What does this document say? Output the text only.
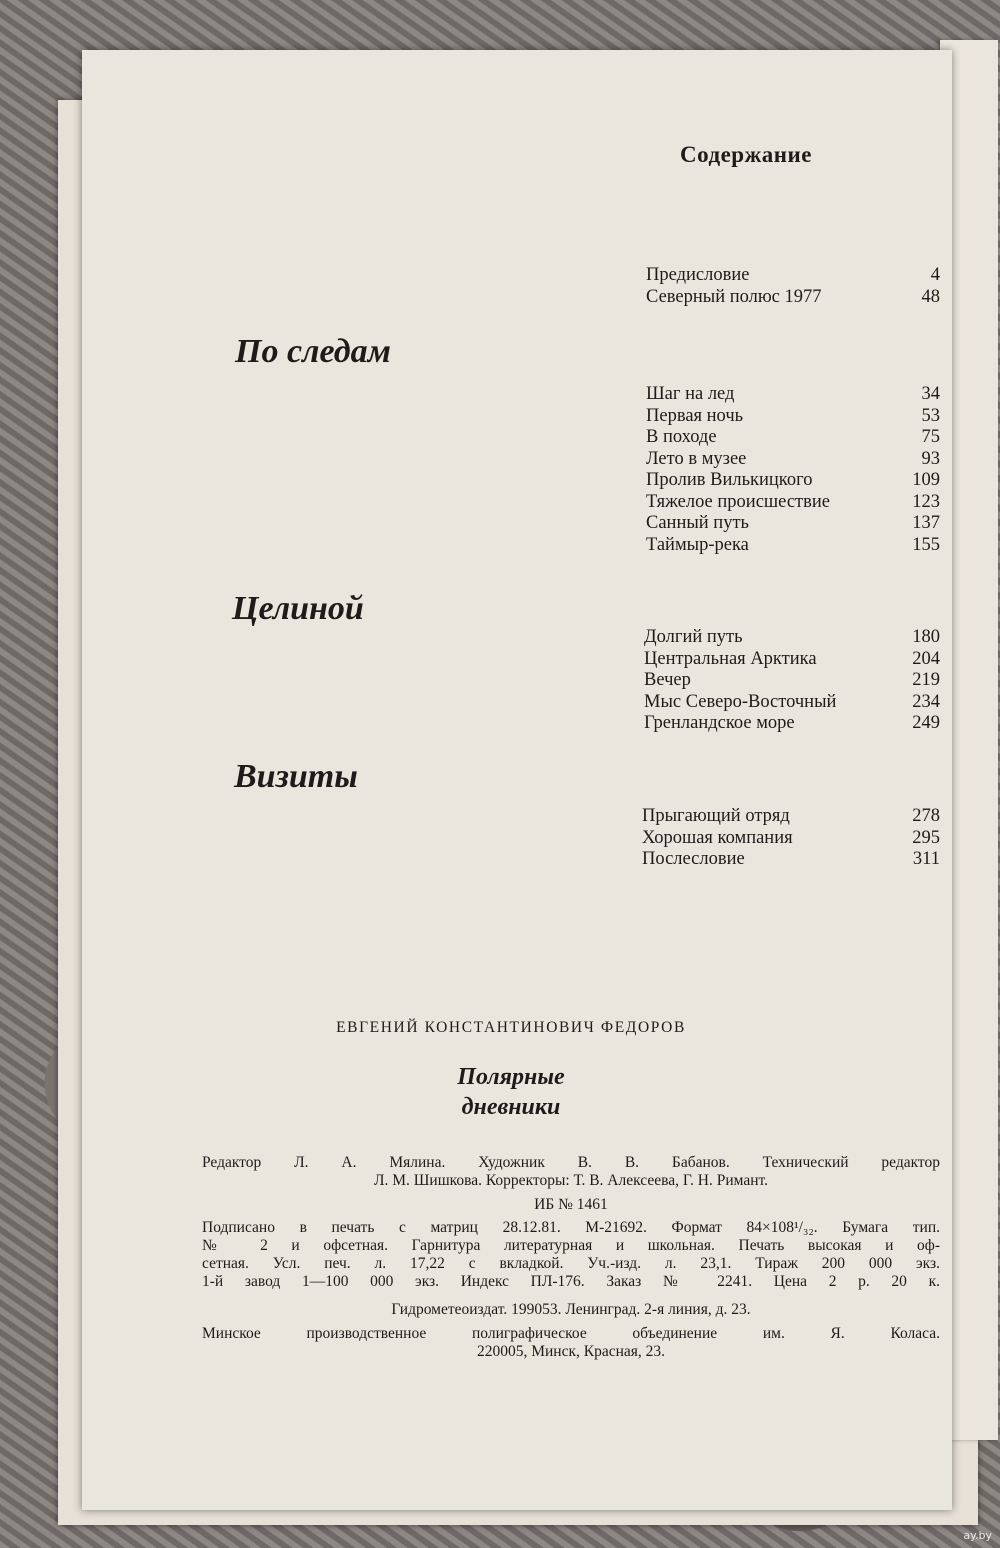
Содержание
Предисловие	4
Северный полюс 1977	48
По следам
Шаг на лед	34
Первая ночь	53
В походе	75
Лето в музее	93
Пролив Вилькицкого	109
Тяжелое происшествие	123
Санный путь	137
Таймыр-река	155
Целиной
Долгий путь	180
Центральная Арктика	204
Вечер	219
Мыс Северо-Восточный	234
Гренландское море	249
Визиты
Прыгающий отряд	278
Хорошая компания	295
Послесловие	311
ЕВГЕНИЙ КОНСТАНТИНОВИЧ ФЕДОРОВ
Полярные
дневники
Редактор Л. А. Мялина. Художник В. В. Бабанов. Технический редактор
Л. М. Шишкова. Корректоры: Т. В. Алексеева, Г. Н. Римант.
ИБ № 1461
Подписано в печать с матриц 28.12.81. М-21692. Формат 84×108¹/₃₂. Бумага тип.
№ 2 и офсетная. Гарнитура литературная и школьная. Печать высокая и оф-
сетная. Усл. печ. л. 17,22 с вкладкой. Уч.-изд. л. 23,1. Тираж 200 000 экз.
1-й завод 1—100 000 экз. Индекс ПЛ-176. Заказ № 2241. Цена 2 р. 20 к.
Гидрометеоиздат. 199053. Ленинград. 2-я линия, д. 23.
Минское производственное полиграфическое объединение им. Я. Коласа.
220005, Минск, Красная, 23.
ay.by
